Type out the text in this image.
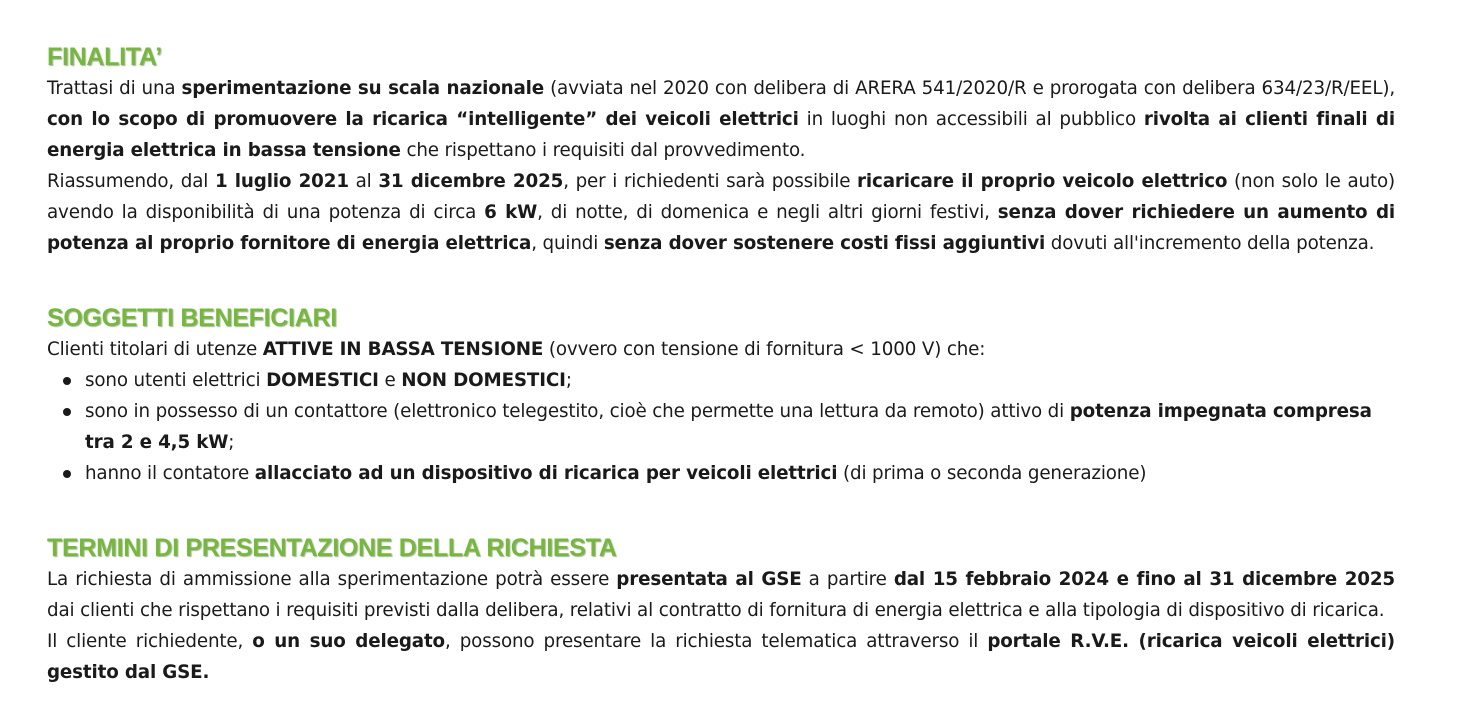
FINALITA’

Trattasi di una sperimentazione su scala nazionale (avviata nel 2020 con delibera di ARERA 541/2020/R e prorogata con delibera 634/23/R/EEL), con lo scopo di promuovere la ricarica “intelligente” dei veicoli elettrici in luoghi non accessibili al pubblico rivolta ai clienti finali di energia elettrica in bassa tensione che rispettano i requisiti dal provvedimento.

Riassumendo, dal 1 luglio 2021 al 31 dicembre 2025, per i richiedenti sarà possibile ricaricare il proprio veicolo elettrico (non solo le auto) avendo la disponibilità di una potenza di circa 6 kW, di notte, di domenica e negli altri giorni festivi, senza dover richiedere un aumento di potenza al proprio fornitore di energia elettrica, quindi senza dover sostenere costi fissi aggiuntivi dovuti all'incremento della potenza.

SOGGETTI BENEFICIARI

Clienti titolari di utenze ATTIVE IN BASSA TENSIONE (ovvero con tensione di fornitura < 1000 V) che:

sono utenti elettrici DOMESTICI e NON DOMESTICI;
sono in possesso di un contattore (elettronico telegestito, cioè che permette una lettura da remoto) attivo di potenza impegnata compresa tra 2 e 4,5 kW;
hanno il contatore allacciato ad un dispositivo di ricarica per veicoli elettrici (di prima o seconda generazione)
TERMINI DI PRESENTAZIONE DELLA RICHIESTA

La richiesta di ammissione alla sperimentazione potrà essere presentata al GSE a partire dal 15 febbraio 2024 e fino al 31 dicembre 2025 dai clienti che rispettano i requisiti previsti dalla delibera, relativi al contratto di fornitura di energia elettrica e alla tipologia di dispositivo di ricarica.

Il cliente richiedente, o un suo delegato, possono presentare la richiesta telematica attraverso il portale R.V.E. (ricarica veicoli elettrici) gestito dal GSE.
